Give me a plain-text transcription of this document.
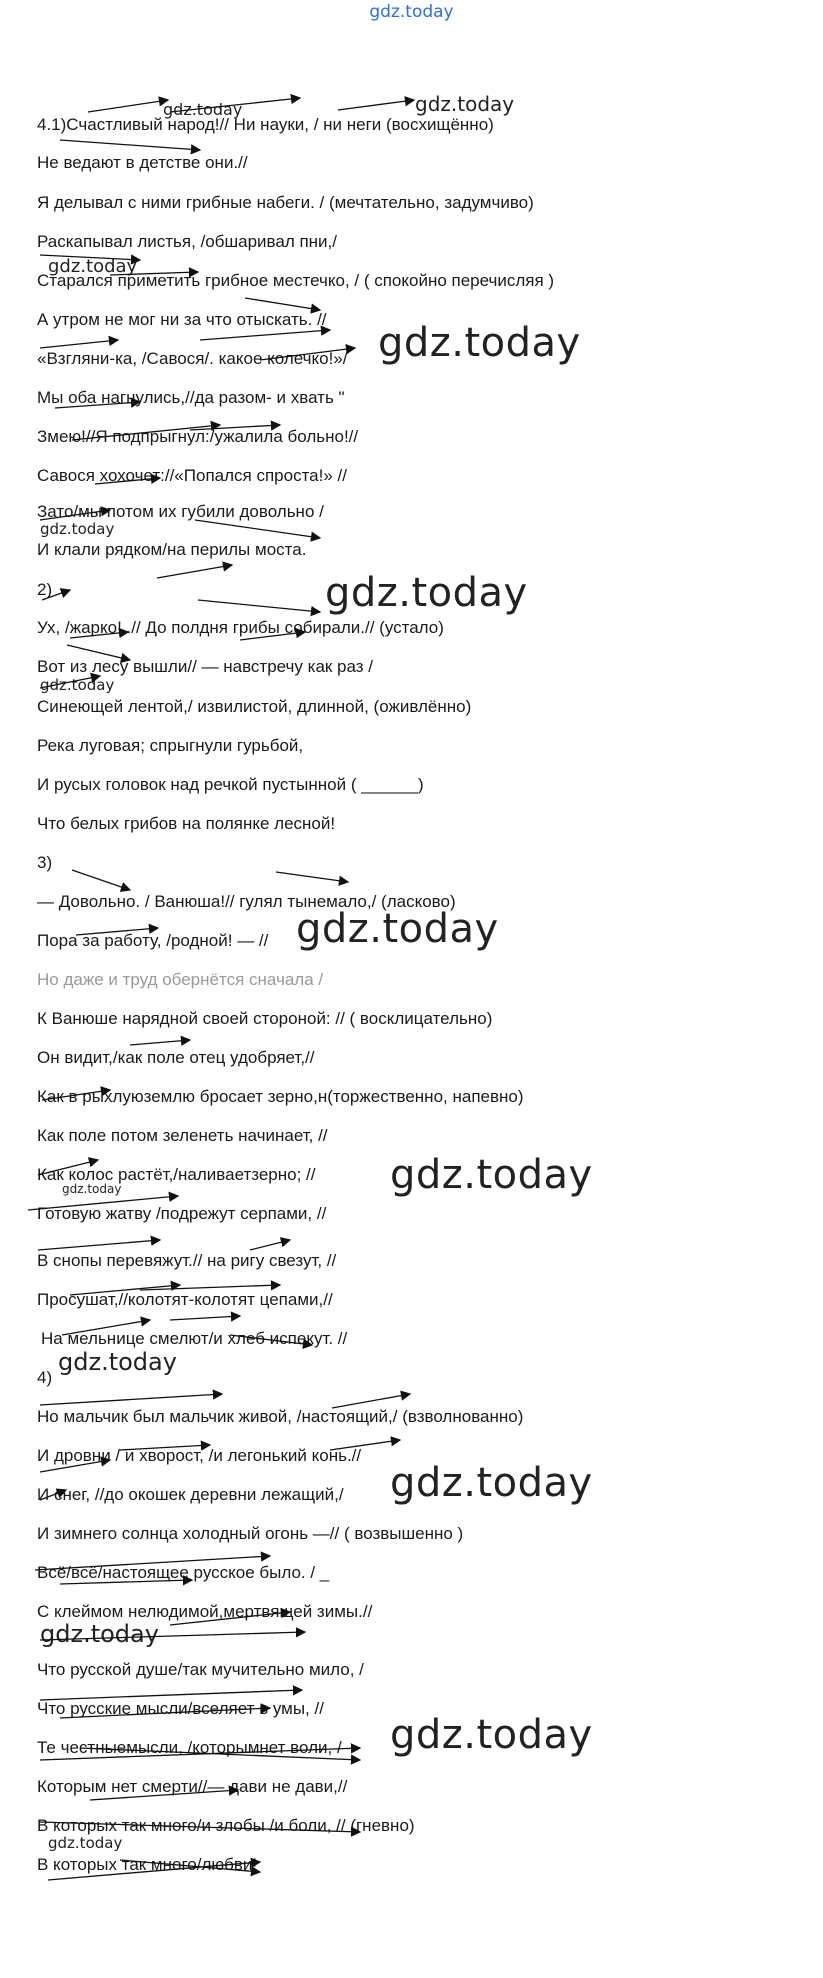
gdz.today
4.1)Счастливый народ!// Ни науки, / ни неги (восхищённо)
Не ведают в детстве они.//
Я делывал с ними грибные набеги. / (мечтательно, задумчиво)
Раскапывал листья, /обшаривал пни,/
Старался приметить грибное местечко, / ( спокойно перечисляя )
А утром не мог ни за что отыскать. //
«Взгляни-ка, /Савося/. какое колечко!»/
Мы оба нагнулись,//да разом- и хвать "
Змею!//Я подпрыгнул:/ужалила больно!//
Савося хохочет://«Попался спроста!» //
Зато/мы потом их губили довольно /
И клали рядком/на перилы моста.
2)
Ух, /жарко!..// До полдня грибы собирали.// (устало)
Вот из лесу вышли// — навстречу как раз /
Синеющей лентой,/ извилистой, длинной, (оживлённо)
Река луговая; спрыгнули гурьбой,
И русых головок над речкой пустынной ( ______)
Что белых грибов на полянке лесной!
3)
— Довольно. / Ванюша!// гулял тынемало,/ (ласково)
Пора за работу, /родной! — //
Но даже и труд обернётся сначала /
К Ванюше нарядной своей стороной: // ( восклицательно)
Он видит,/как поле отец удобряет,//
Как в рыхлуюземлю бросает зерно,н(торжественно, напевно)
Как поле потом зеленеть начинает, //
Как колос растёт,/наливаетзерно; //
Готовую жатву /подрежут серпами, //
В снопы перевяжут.// на ригу свезут, //
Просушат,//колотят-колотят цепами,//
На мельнице смелют/и хлеб испекут. //
4)
Но мальчик был мальчик живой, /настоящий,/ (взволнованно)
И дровни / и хворост, /и легонький конь.//
И снег, //до окошек деревни лежащий,/
И зимнего солнца холодный огонь —// ( возвышенно )
Всё/всё/настоящее русское было. / _
С клеймом нелюдимой,мертвящей зимы.//
Что русской душе/так мучительно мило, /
Что русские мысли/вселяет в умы, //
Те честныемысли, /которымнет воли, /
Которым нет смерти//— дави не дави,//
В которых так много/и злобы /и боли, // (гневно)
В которых так много/любви!
gdz.today	gdz.today
gdz.today
gdz.today
gdz.today
gdz.today
gdz.today
gdz.today
gdz.today
gdz.today
gdz.today
gdz.today
gdz.today
gdz.today
gdz.today
